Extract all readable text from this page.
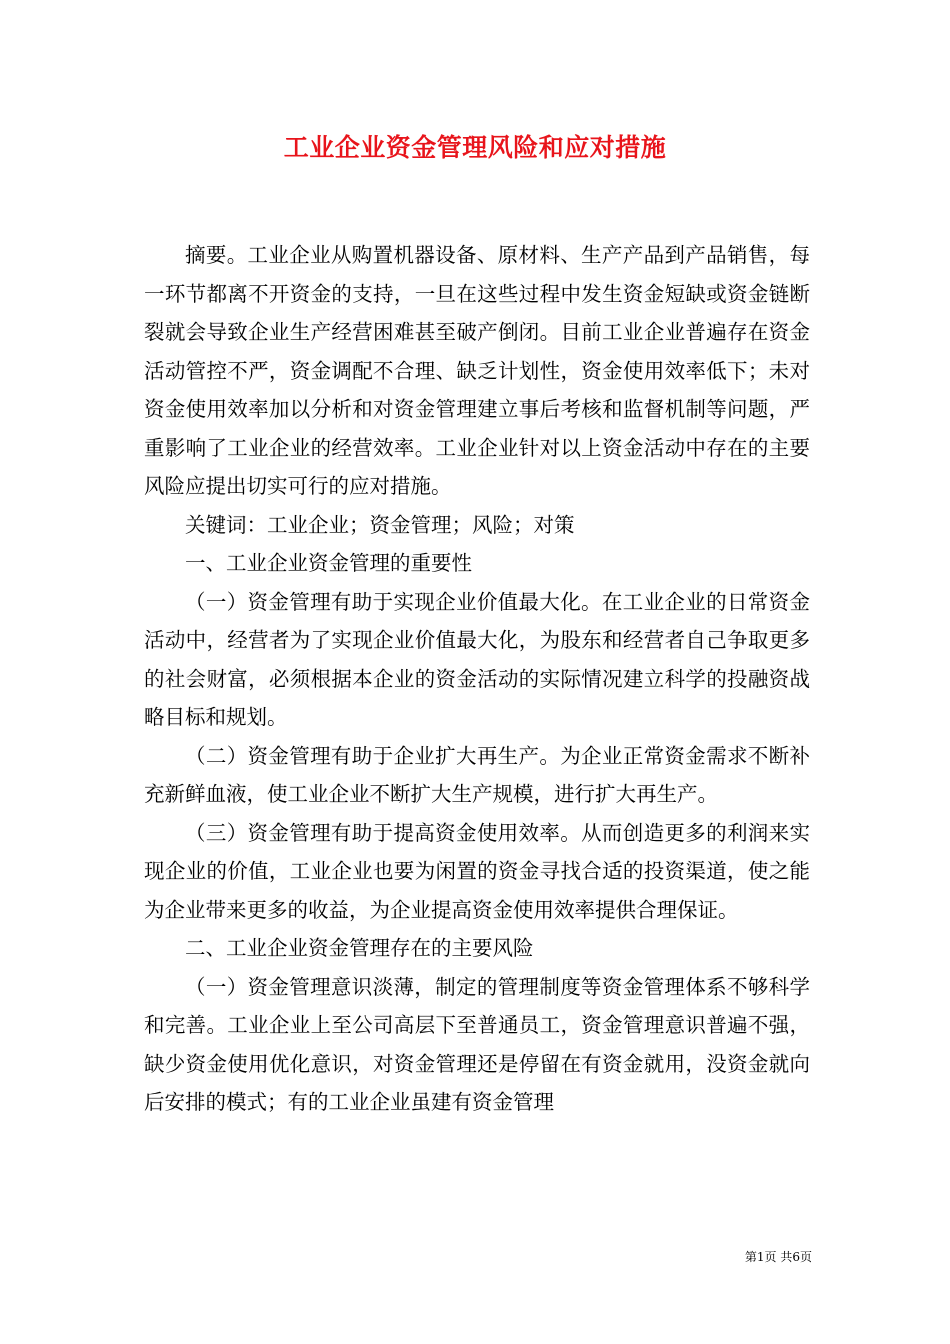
工业企业资金管理风险和应对措施

摘要。工业企业从购置机器设备、原材料、生产产品到产品销售，每一环节都离不开资金的支持，一旦在这些过程中发生资金短缺或资金链断裂就会导致企业生产经营困难甚至破产倒闭。目前工业企业普遍存在资金活动管控不严，资金调配不合理、缺乏计划性，资金使用效率低下；未对资金使用效率加以分析和对资金管理建立事后考核和监督机制等问题，严重影响了工业企业的经营效率。工业企业针对以上资金活动中存在的主要风险应提出切实可行的应对措施。

关键词：工业企业；资金管理；风险；对策

一、工业企业资金管理的重要性

（一）资金管理有助于实现企业价值最大化。在工业企业的日常资金活动中，经营者为了实现企业价值最大化，为股东和经营者自己争取更多的社会财富，必须根据本企业的资金活动的实际情况建立科学的投融资战略目标和规划。

（二）资金管理有助于企业扩大再生产。为企业正常资金需求不断补充新鲜血液，使工业企业不断扩大生产规模，进行扩大再生产。

（三）资金管理有助于提高资金使用效率。从而创造更多的利润来实现企业的价值，工业企业也要为闲置的资金寻找合适的投资渠道，使之能为企业带来更多的收益，为企业提高资金使用效率提供合理保证。

二、工业企业资金管理存在的主要风险

（一）资金管理意识淡薄，制定的管理制度等资金管理体系不够科学和完善。工业企业上至公司高层下至普通员工，资金管理意识普遍不强，缺少资金使用优化意识，对资金管理还是停留在有资金就用，没资金就向后安排的模式；有的工业企业虽建有资金管理

第1页 共6页
